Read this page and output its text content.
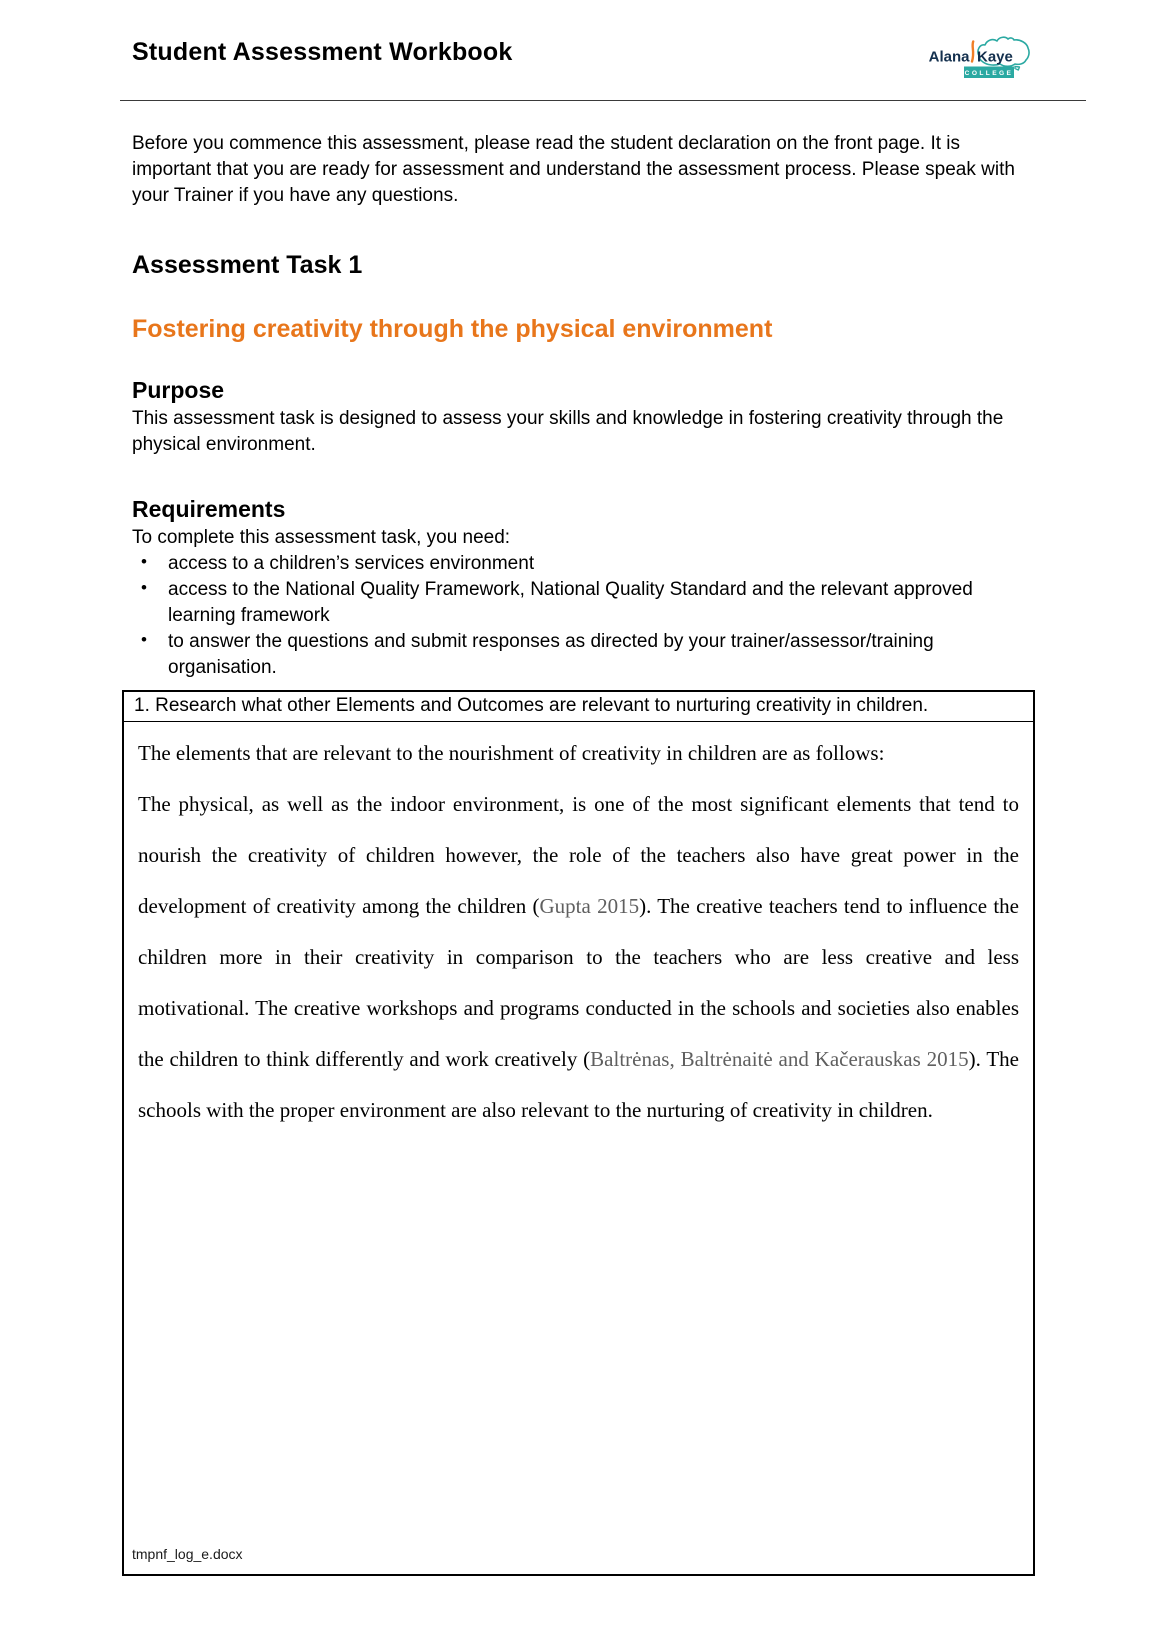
Student Assessment Workbook	Alana Kaye
COLLEGE

Before you commence this assessment, please read the student declaration on the front page. It is important that you are ready for assessment and understand the assessment process. Please speak with your Trainer if you have any questions.

Assessment Task 1
Fostering creativity through the physical environment
Purpose

This assessment task is designed to assess your skills and knowledge in fostering creativity through the physical environment.

Requirements

To complete this assessment task, you need:

• access to a children’s services environment
• access to the National Quality Framework, National Quality Standard and the relevant approved learning framework
• to answer the questions and submit responses as directed by your trainer/assessor/training organisation.
1. Research what other Elements and Outcomes are relevant to nurturing creativity in children.

The elements that are relevant to the nourishment of creativity in children are as follows:

The physical, as well as the indoor environment, is one of the most significant elements that tend to nourish the creativity of children however, the role of the teachers also have great power in the development of creativity among the children (Gupta 2015). The creative teachers tend to influence the children more in their creativity in comparison to the teachers who are less creative and less motivational. The creative workshops and programs conducted in the schools and societies also enables the children to think differently and work creatively (Baltrėnas, Baltrėnaitė and Kačerauskas 2015). The schools with the proper environment are also relevant to the nurturing of creativity in children.

tmpnf_log_e.docx
